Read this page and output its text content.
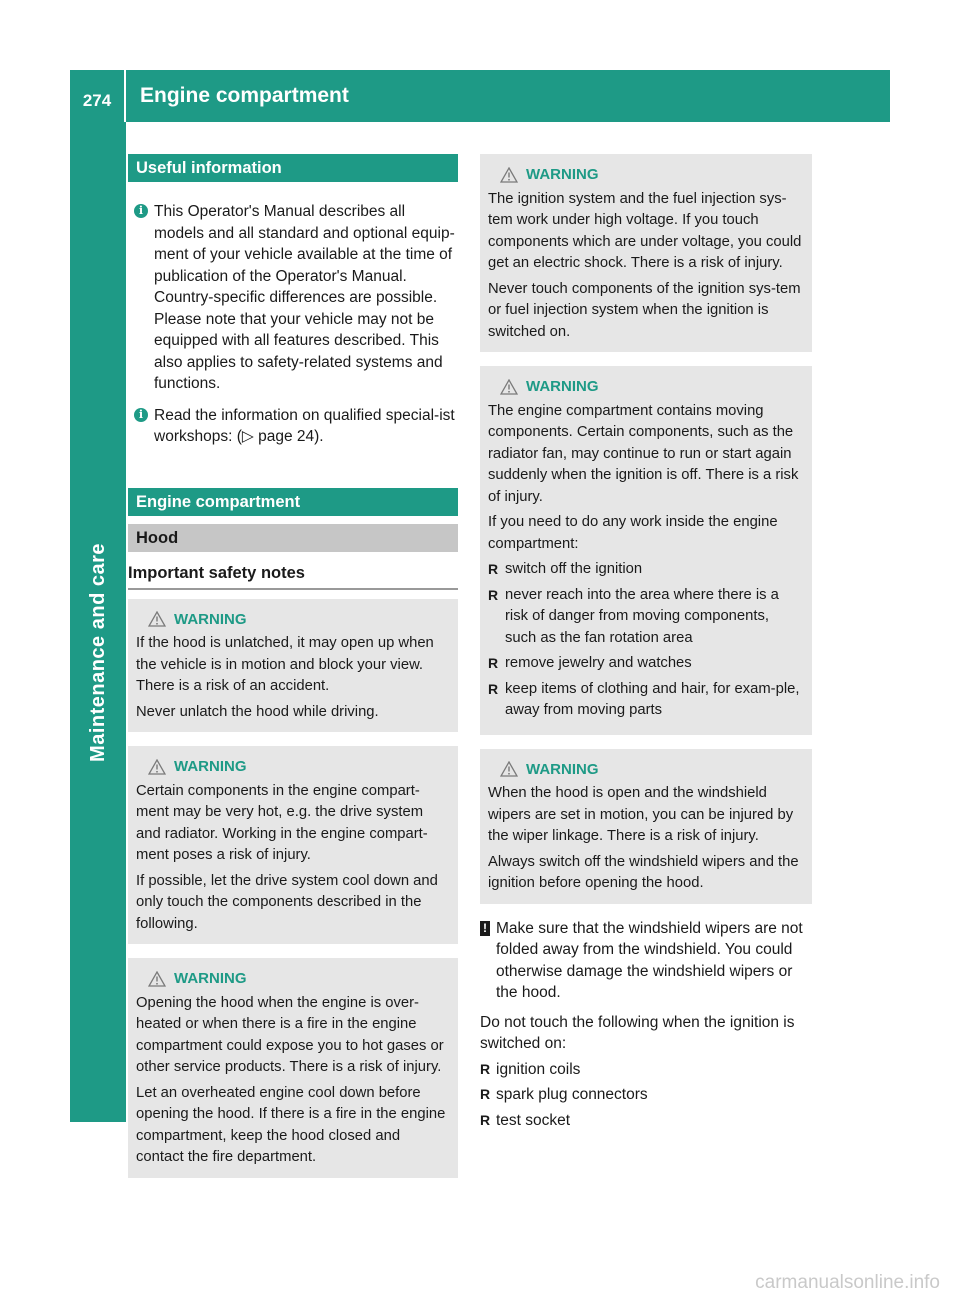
274	Engine compartment
Maintenance and care
Useful information
i This Operator's Manual describes all models and all standard and optional equip-ment of your vehicle available at the time of publication of the Operator's Manual. Country-specific differences are possible. Please note that your vehicle may not be equipped with all features described. This also applies to safety-related systems and functions.
i Read the information on qualified special-ist workshops: (▷ page 24).
Engine compartment
Hood
Important safety notes
WARNING

If the hood is unlatched, it may open up when the vehicle is in motion and block your view. There is a risk of an accident.

Never unlatch the hood while driving.

WARNING

Certain components in the engine compart-ment may be very hot, e.g. the drive system and radiator. Working in the engine compart-ment poses a risk of injury.

If possible, let the drive system cool down and only touch the components described in the following.

WARNING

Opening the hood when the engine is over-heated or when there is a fire in the engine compartment could expose you to hot gases or other service products. There is a risk of injury.

Let an overheated engine cool down before opening the hood. If there is a fire in the engine compartment, keep the hood closed and contact the fire department.

WARNING

The ignition system and the fuel injection sys-tem work under high voltage. If you touch components which are under voltage, you could get an electric shock. There is a risk of injury.

Never touch components of the ignition sys-tem or fuel injection system when the ignition is switched on.

WARNING

The engine compartment contains moving components. Certain components, such as the radiator fan, may continue to run or start again suddenly when the ignition is off. There is a risk of injury.

If you need to do any work inside the engine compartment:

R switch off the ignition
R never reach into the area where there is a risk of danger from moving components, such as the fan rotation area
R remove jewelry and watches
R keep items of clothing and hair, for exam-ple, away from moving parts
WARNING

When the hood is open and the windshield wipers are set in motion, you can be injured by the wiper linkage. There is a risk of injury.

Always switch off the windshield wipers and the ignition before opening the hood.

! Make sure that the windshield wipers are not folded away from the windshield. You could otherwise damage the windshield wipers or the hood.

Do not touch the following when the ignition is switched on:

R ignition coils
R spark plug connectors
R test socket
carmanualsonline.info
